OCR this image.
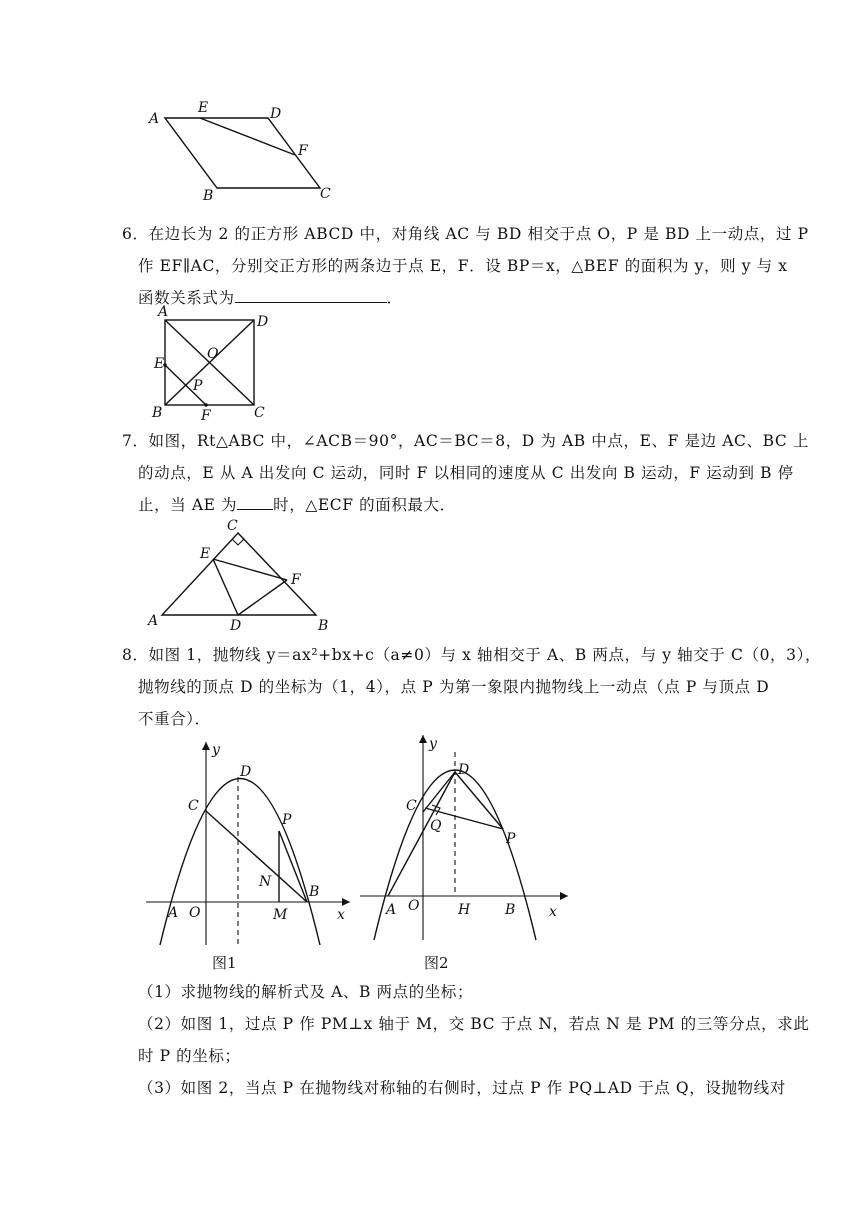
A
E	D
F
B	C
A
D
O
E
P
B	F	C
C
E
F
A	D	B
y
D
C
P
N
B
A O	M	x
图1
y
D
C
Q
P
A O	H B x
图2
6．在边长为 2 的正方形 ABCD 中，对角线 AC 与 BD 相交于点 O，P 是 BD 上一动点，过 P
作 EF∥AC，分别交正方形的两条边于点 E，F．设 BP＝x，△BEF 的面积为 y，则 y 与 x
函数关系式为	．
7．如图，Rt△ABC 中，∠ACB＝90°，AC＝BC＝8，D 为 AB 中点，E、F 是边 AC、BC 上
的动点，E 从 A 出发向 C 运动，同时 F 以相同的速度从 C 出发向 B 运动，F 运动到 B 停
止，当 AE 为 时，△ECF 的面积最大．
8．如图 1，抛物线 y＝ax²+bx+c（a≠0）与 x 轴相交于 A、B 两点，与 y 轴交于 C（0，3），
抛物线的顶点 D 的坐标为（1，4），点 P 为第一象限内抛物线上一动点（点 P 与顶点 D
不重合）．
（1）求抛物线的解析式及 A、B 两点的坐标；
（2）如图 1，过点 P 作 PM⊥x 轴于 M，交 BC 于点 N，若点 N 是 PM 的三等分点，求此
时 P 的坐标；
（3）如图 2，当点 P 在抛物线对称轴的右侧时，过点 P 作 PQ⊥AD 于点 Q，设抛物线对
